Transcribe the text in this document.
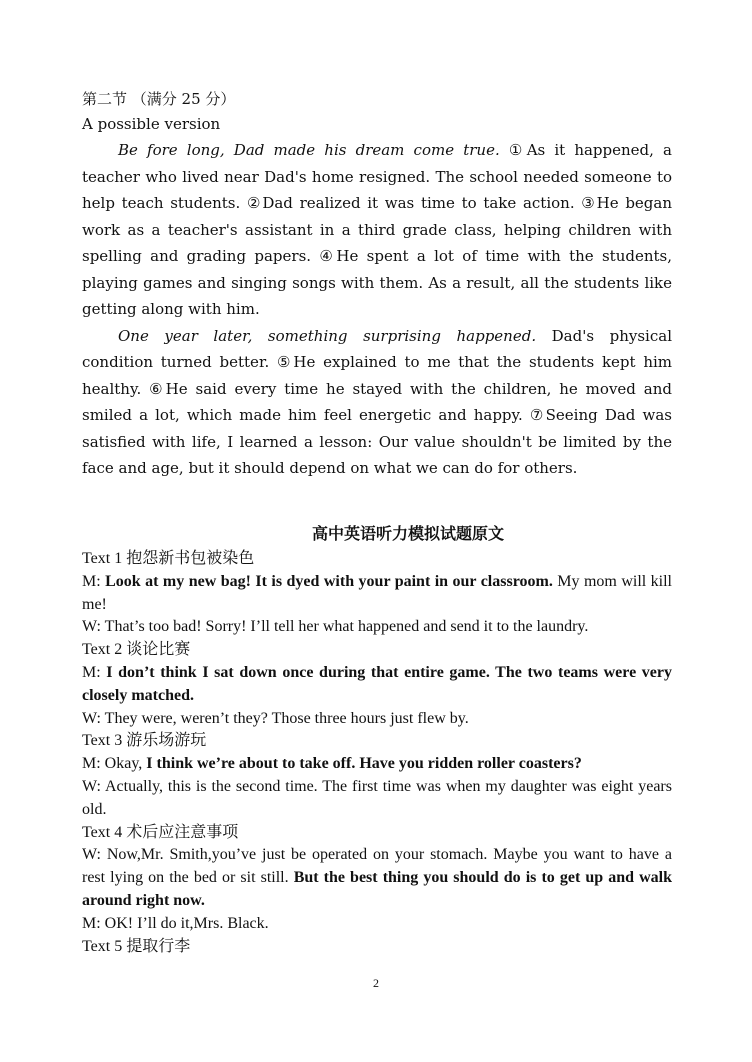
第二节 （满分 25 分）

A possible version

Be fore long, Dad made his dream come true. ①As it happened, a teacher who lived near Dad's home resigned. The school needed someone to help teach students. ②Dad realized it was time to take action. ③He began work as a teacher's assistant in a third grade class, helping children with spelling and grading papers. ④He spent a lot of time with the students, playing games and singing songs with them. As a result, all the students like getting along with him.

One year later, something surprising happened. Dad's physical condition turned better. ⑤He explained to me that the students kept him healthy. ⑥He said every time he stayed with the children, he moved and smiled a lot, which made him feel energetic and happy. ⑦Seeing Dad was satisfied with life, I learned a lesson: Our value shouldn't be limited by the face and age, but it should depend on what we can do for others.

高中英语听力模拟试题原文

Text 1 抱怨新书包被染色

M: Look at my new bag! It is dyed with your paint in our classroom. My mom will kill me!

W: That’s too bad! Sorry! I’ll tell her what happened and send it to the laundry.

Text 2 谈论比赛

M: I don’t think I sat down once during that entire game. The two teams were very closely matched.

W: They were, weren’t they? Those three hours just flew by.

Text 3 游乐场游玩

M: Okay, I think we’re about to take off. Have you ridden roller coasters?

W: Actually, this is the second time. The first time was when my daughter was eight years old.

Text 4 术后应注意事项

W: Now,Mr. Smith,you’ve just be operated on your stomach. Maybe you want to have a rest lying on the bed or sit still. But the best thing you should do is to get up and walk around right now.

M: OK! I’ll do it,Mrs. Black.

Text 5 提取行李

2
